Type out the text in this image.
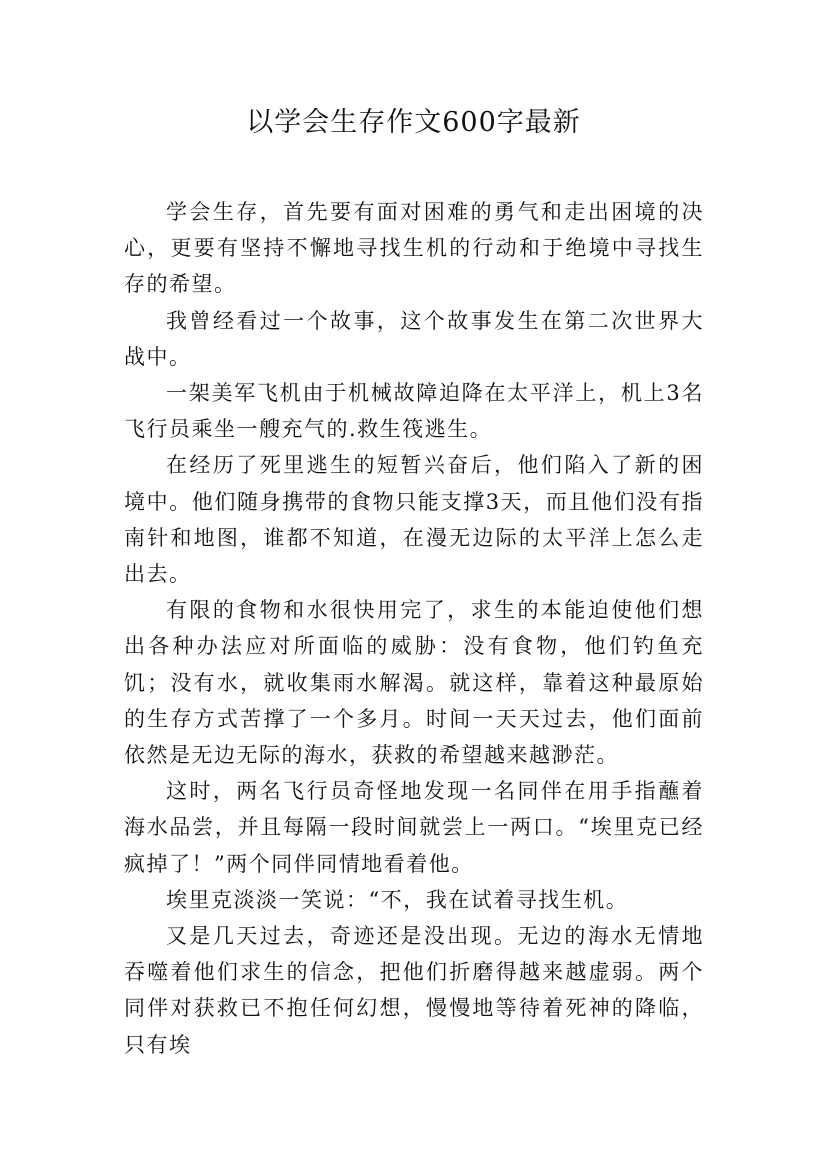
以学会生存作文600字最新

学会生存，首先要有面对困难的勇气和走出困境的决心，更要有坚持不懈地寻找生机的行动和于绝境中寻找生存的希望。

我曾经看过一个故事，这个故事发生在第二次世界大战中。

一架美军飞机由于机械故障迫降在太平洋上，机上3名飞行员乘坐一艘充气的.救生筏逃生。

在经历了死里逃生的短暂兴奋后，他们陷入了新的困境中。他们随身携带的食物只能支撑3天，而且他们没有指南针和地图，谁都不知道，在漫无边际的太平洋上怎么走出去。

有限的食物和水很快用完了，求生的本能迫使他们想出各种办法应对所面临的威胁：没有食物，他们钓鱼充饥；没有水，就收集雨水解渴。就这样，靠着这种最原始的生存方式苦撑了一个多月。时间一天天过去，他们面前依然是无边无际的海水，获救的希望越来越渺茫。

这时，两名飞行员奇怪地发现一名同伴在用手指蘸着海水品尝，并且每隔一段时间就尝上一两口。“埃里克已经疯掉了！”两个同伴同情地看着他。

埃里克淡淡一笑说：“不，我在试着寻找生机。

又是几天过去，奇迹还是没出现。无边的海水无情地吞噬着他们求生的信念，把他们折磨得越来越虚弱。两个同伴对获救已不抱任何幻想，慢慢地等待着死神的降临，只有埃
